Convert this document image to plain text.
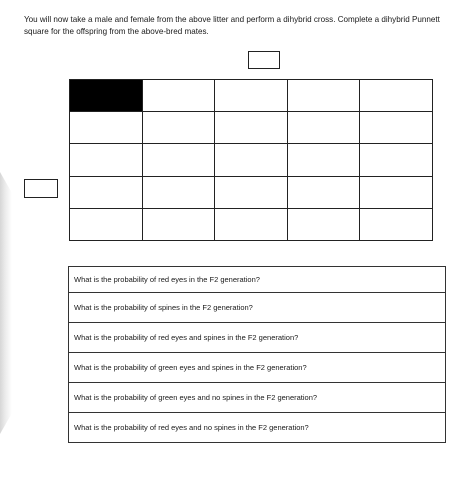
You will now take a male and female from the above litter and perform a dihybrid cross. Complete a dihybrid Punnett square for the offspring from the above-bred mates.

What is the probability of red eyes in the F2 generation?
What is the probability of spines in the F2 generation?
What is the probability of red eyes and spines in the F2 generation?
What is the probability of green eyes and spines in the F2 generation?
What is the probability of green eyes and no spines in the F2 generation?
What is the probability of red eyes and no spines in the F2 generation?
